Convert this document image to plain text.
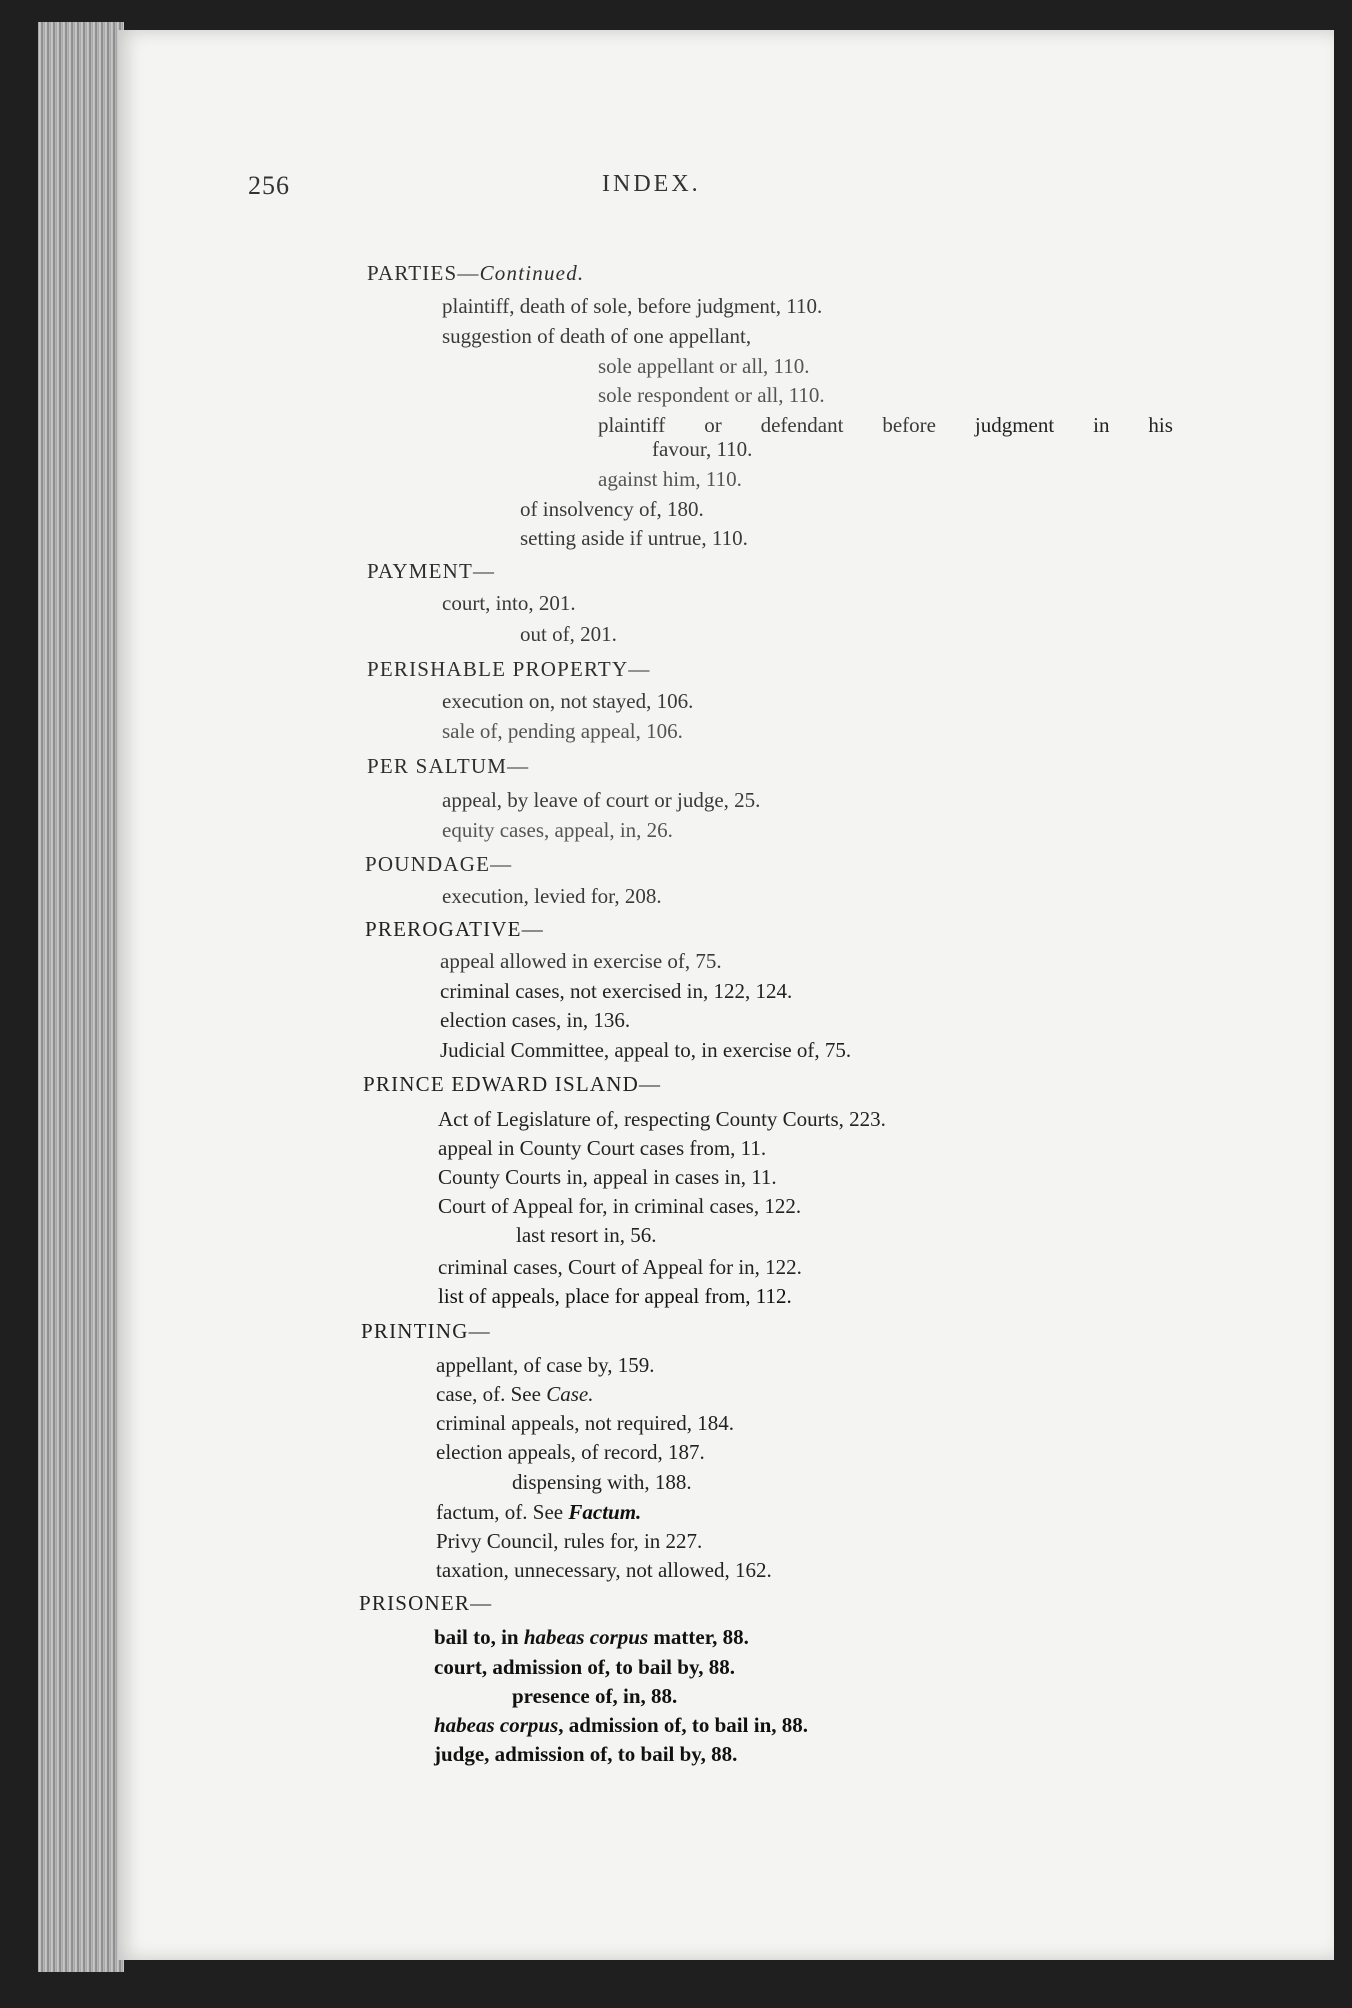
256	INDEX.
PARTIES—Continued.
plaintiff, death of sole, before judgment, 110.
suggestion of death of one appellant,
sole appellant or all, 110.
sole respondent or all, 110.
plaintiff or defendant before judgment in his
favour, 110.
against him, 110.
of insolvency of, 180.
setting aside if untrue, 110.
PAYMENT—
court, into, 201.
out of, 201.
PERISHABLE PROPERTY—
execution on, not stayed, 106.
sale of, pending appeal, 106.
PER SALTUM—
appeal, by leave of court or judge, 25.
equity cases, appeal, in, 26.
POUNDAGE—
execution, levied for, 208.
PREROGATIVE—
appeal allowed in exercise of, 75.
criminal cases, not exercised in, 122, 124.
election cases, in, 136.
Judicial Committee, appeal to, in exercise of, 75.
PRINCE EDWARD ISLAND—
Act of Legislature of, respecting County Courts, 223.
appeal in County Court cases from, 11.
County Courts in, appeal in cases in, 11.
Court of Appeal for, in criminal cases, 122.
last resort in, 56.
criminal cases, Court of Appeal for in, 122.
list of appeals, place for appeal from, 112.
PRINTING—
appellant, of case by, 159.
case, of. See Case.
criminal appeals, not required, 184.
election appeals, of record, 187.
dispensing with, 188.
factum, of. See Factum.
Privy Council, rules for, in 227.
taxation, unnecessary, not allowed, 162.
PRISONER—
bail to, in habeas corpus matter, 88.
court, admission of, to bail by, 88.
presence of, in, 88.
habeas corpus, admission of, to bail in, 88.
judge, admission of, to bail by, 88.
